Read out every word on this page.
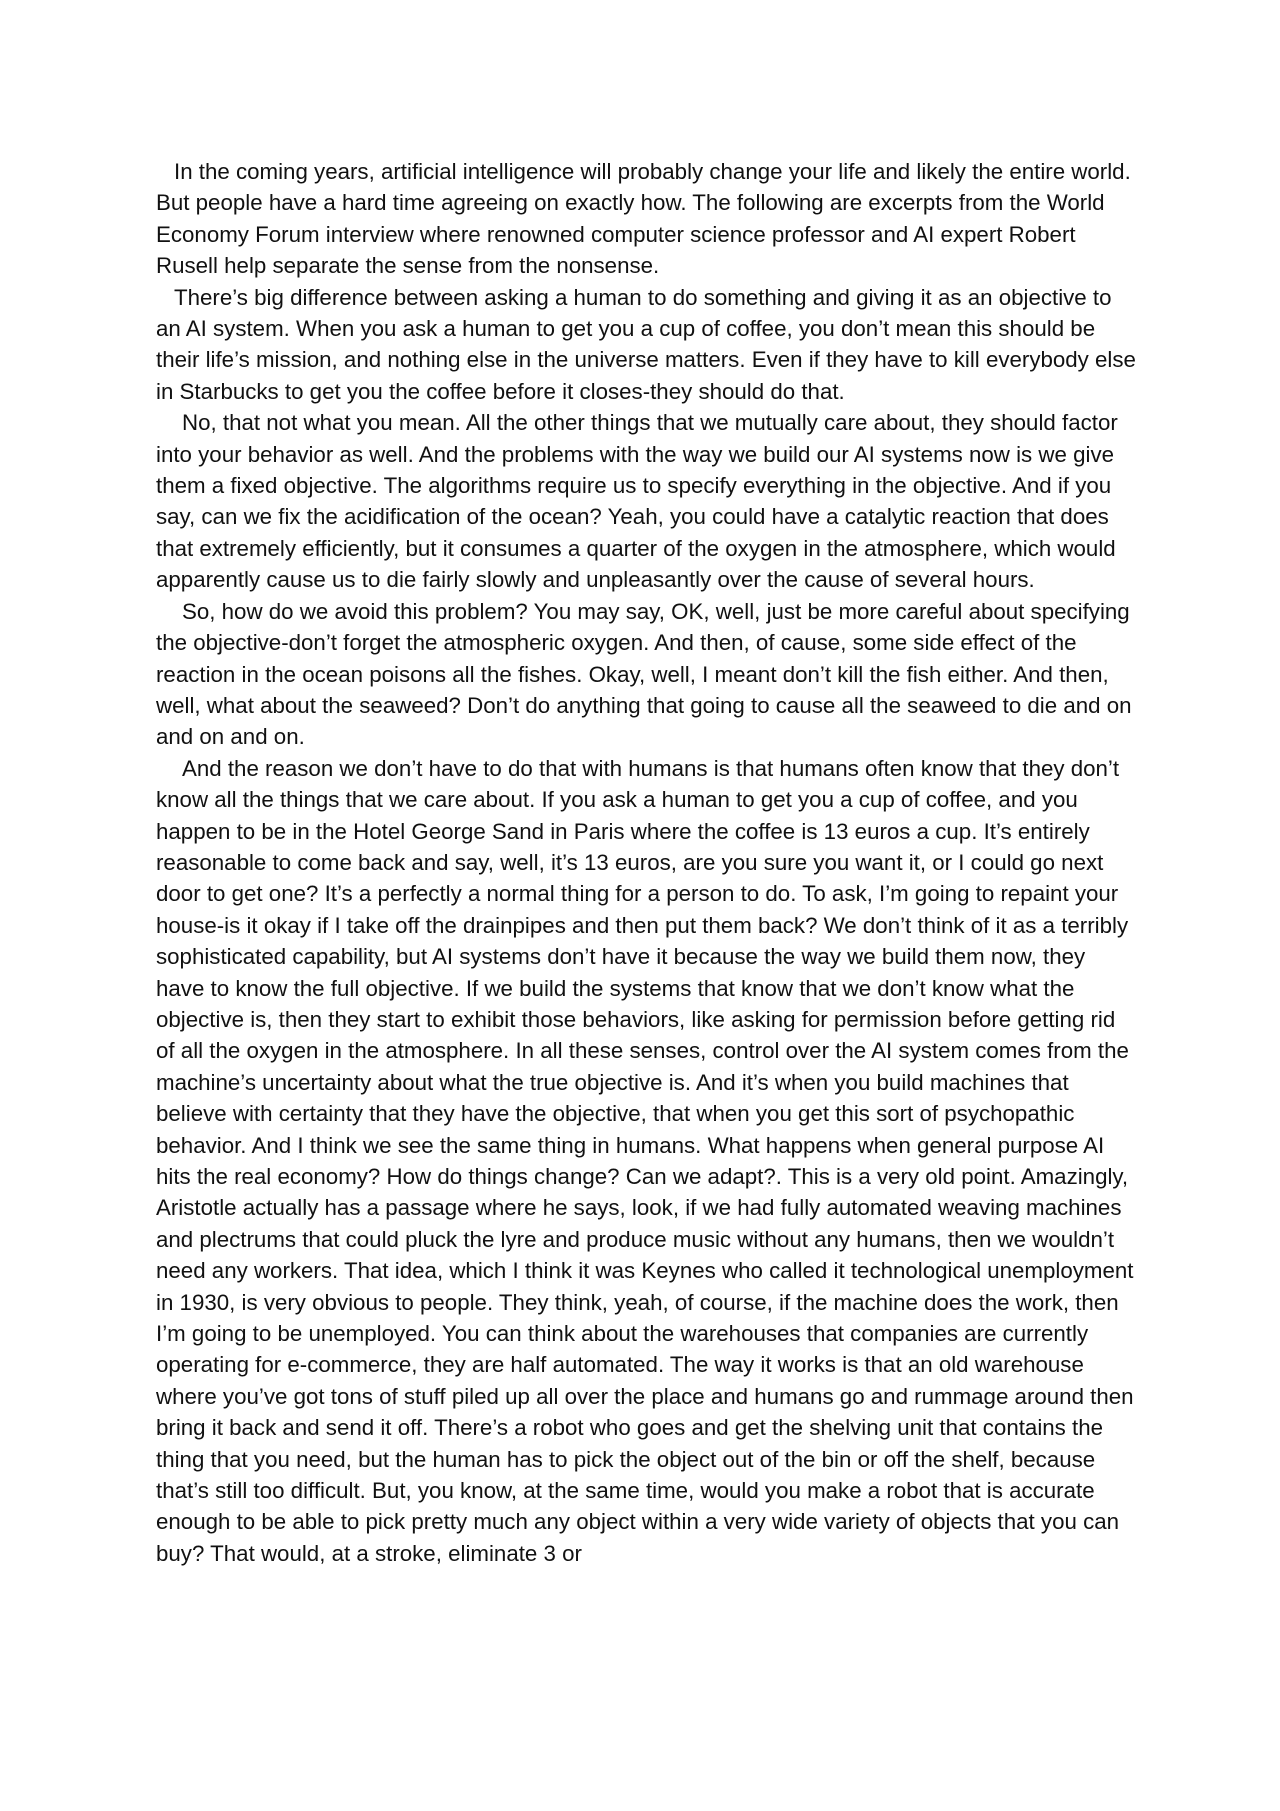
In the coming years, artificial intelligence will probably change your life and likely the entire world. But people have a hard time agreeing on exactly how. The following are excerpts from the World Economy Forum interview where renowned computer science professor and AI expert Robert Rusell help separate the sense from the nonsense.

There’s big difference between asking a human to do something and giving it as an objective to an AI system. When you ask a human to get you a cup of coffee, you don’t mean this should be their life’s mission, and nothing else in the universe matters. Even if they have to kill everybody else in Starbucks to get you the coffee before it closes-they should do that.

No, that not what you mean. All the other things that we mutually care about, they should factor into your behavior as well. And the problems with the way we build our AI systems now is we give them a fixed objective. The algorithms require us to specify everything in the objective. And if you say, can we fix the acidification of the ocean? Yeah, you could have a catalytic reaction that does that extremely efficiently, but it consumes a quarter of the oxygen in the atmosphere, which would apparently cause us to die fairly slowly and unpleasantly over the cause of several hours.

So, how do we avoid this problem? You may say, OK, well, just be more careful about specifying the objective-don’t forget the atmospheric oxygen. And then, of cause, some side effect of the reaction in the ocean poisons all the fishes. Okay, well, I meant don’t kill the fish either. And then, well, what about the seaweed? Don’t do anything that going to cause all the seaweed to die and on and on and on.

And the reason we don’t have to do that with humans is that humans often know that they don’t know all the things that we care about. If you ask a human to get you a cup of coffee, and you happen to be in the Hotel George Sand in Paris where the coffee is 13 euros a cup. It’s entirely reasonable to come back and say, well, it’s 13 euros, are you sure you want it, or I could go next door to get one? It’s a perfectly a normal thing for a person to do. To ask, I’m going to repaint your house-is it okay if I take off the drainpipes and then put them back? We don’t think of it as a terribly sophisticated capability, but AI systems don’t have it because the way we build them now, they have to know the full objective. If we build the systems that know that we don’t know what the objective is, then they start to exhibit those behaviors, like asking for permission before getting rid of all the oxygen in the atmosphere. In all these senses, control over the AI system comes from the machine’s uncertainty about what the true objective is. And it’s when you build machines that believe with certainty that they have the objective, that when you get this sort of psychopathic behavior. And I think we see the same thing in humans. What happens when general purpose AI hits the real economy? How do things change? Can we adapt?. This is a very old point. Amazingly, Aristotle actually has a passage where he says, look, if we had fully automated weaving machines and plectrums that could pluck the lyre and produce music without any humans, then we wouldn’t need any workers. That idea, which I think it was Keynes who called it technological unemployment in 1930, is very obvious to people. They think, yeah, of course, if the machine does the work, then I’m going to be unemployed. You can think about the warehouses that companies are currently operating for e-commerce, they are half automated. The way it works is that an old warehouse where you’ve got tons of stuff piled up all over the place and humans go and rummage around then bring it back and send it off. There’s a robot who goes and get the shelving unit that contains the thing that you need, but the human has to pick the object out of the bin or off the shelf, because that’s still too difficult. But, you know, at the same time, would you make a robot that is accurate enough to be able to pick pretty much any object within a very wide variety of objects that you can buy? That would, at a stroke, eliminate 3 or
